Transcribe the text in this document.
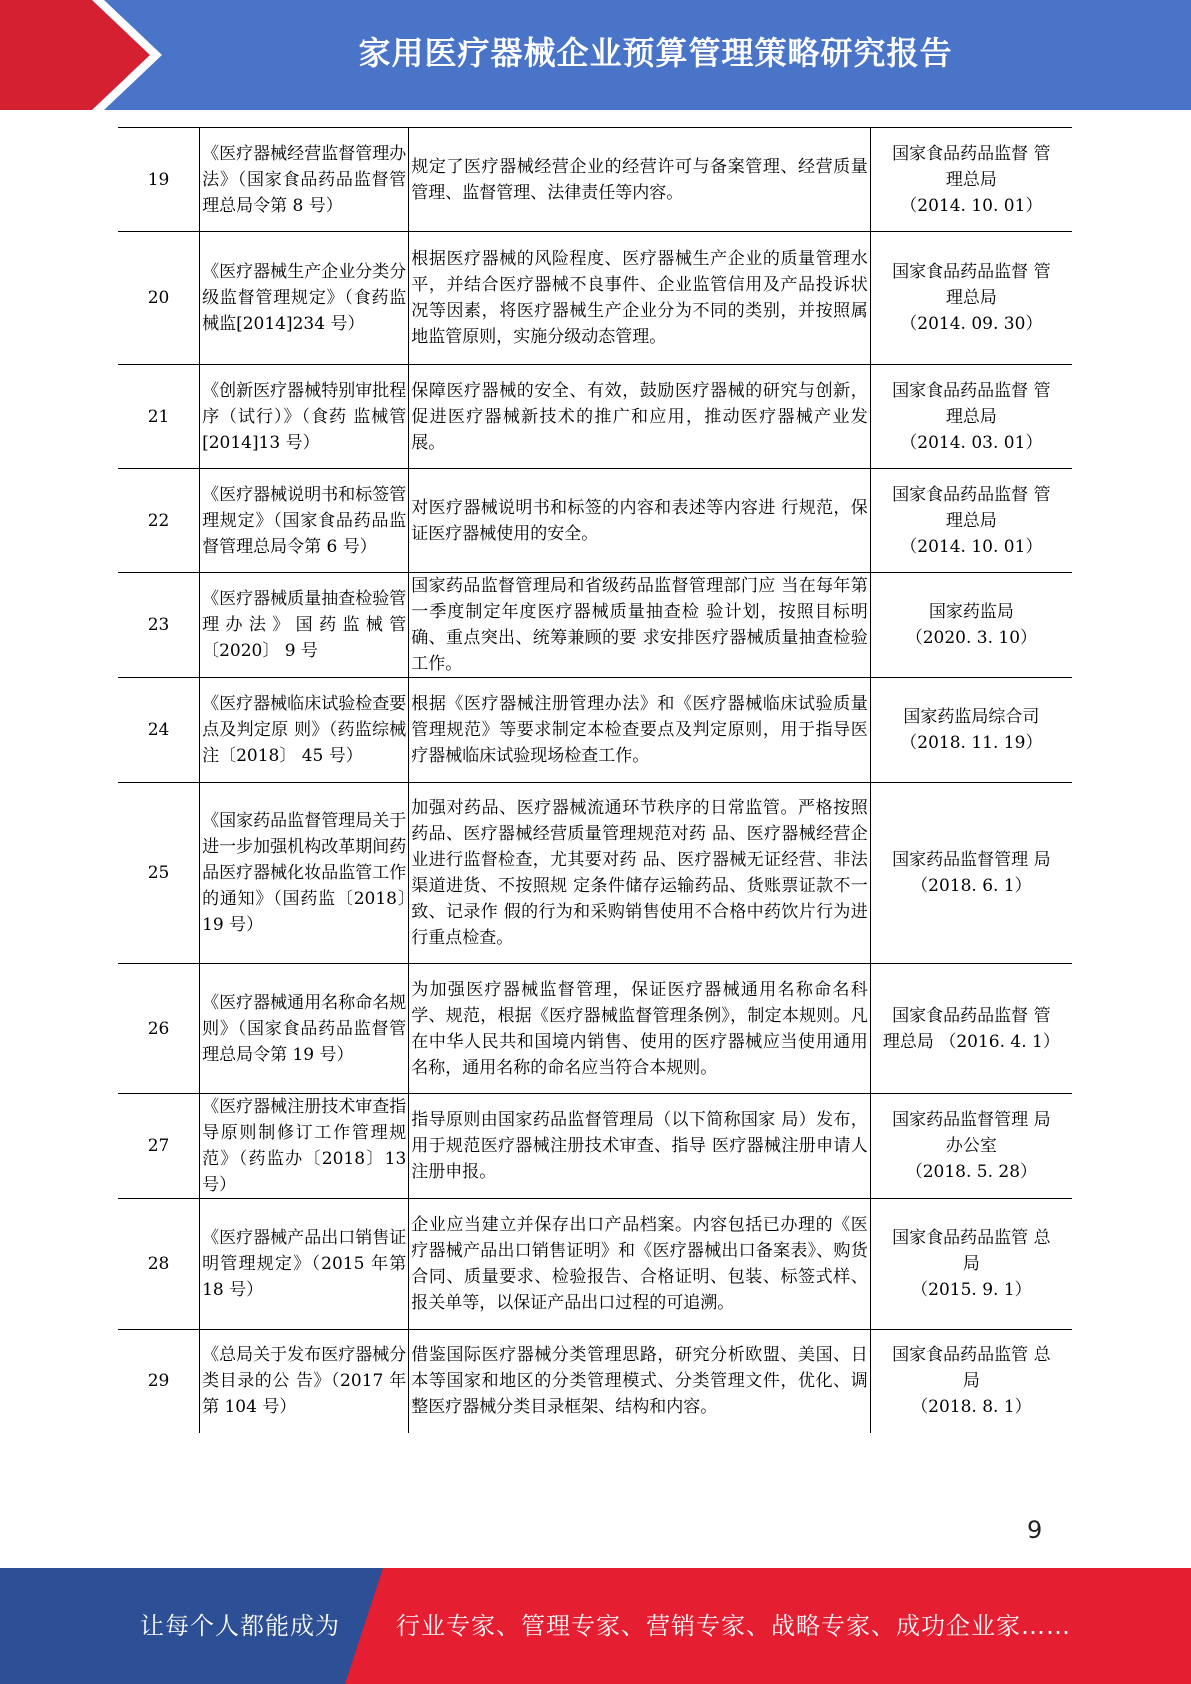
家用医疗器械企业预算管理策略研究报告
19	《医疗器械经营监督管理办法》（国家食品药品监督管理总局令第 8 号）	规定了医疗器械经营企业的经营许可与备案管理、经营质量管理、监督管理、法律责任等内容。	国家食品药品监督 管
理总局
（2014. 10. 01）

20	《医疗器械生产企业分类分级监督管理规定》（食药监械监[2014]234 号）	根据医疗器械的风险程度、医疗器械生产企业的质量管理水平，并结合医疗器械不良事件、企业监管信用及产品投诉状况等因素，将医疗器械生产企业分为不同的类别，并按照属地监管原则，实施分级动态管理。	国家食品药品监督 管
理总局
（2014. 09. 30）

21	《创新医疗器械特别审批程序（试行）》（食药 监械管[2014]13 号）	保障医疗器械的安全、有效，鼓励医疗器械的研究与创新，促进医疗器械新技术的推广和应用，推动医疗器械产业发展。	国家食品药品监督 管
理总局
（2014. 03. 01）

22	《医疗器械说明书和标签管理规定》（国家食品药品监督管理总局令第 6 号）	对医疗器械说明书和标签的内容和表述等内容进 行规范，保证医疗器械使用的安全。	国家食品药品监督 管
理总局
（2014. 10. 01）

23	《医疗器械质量抽查检验管理办法》国药监械管〔2020〕 9 号	国家药品监督管理局和省级药品监督管理部门应 当在每年第一季度制定年度医疗器械质量抽查检 验计划，按照目标明确、重点突出、统筹兼顾的要 求安排医疗器械质量抽查检验工作。	国家药监局
（2020. 3. 10）

24	《医疗器械临床试验检查要点及判定原 则》（药监综械注〔2018〕 45 号）	根据《医疗器械注册管理办法》和《医疗器械临床试验质量管理规范》等要求制定本检查要点及判定原则，用于指导医疗器械临床试验现场检查工作。	国家药监局综合司
（2018. 11. 19）

25	《国家药品监督管理局关于进一步加强机构改革期间药品医疗器械化妆品监管工作的通知》（国药监〔2018〕19 号）	加强对药品、医疗器械流通环节秩序的日常监管。严格按照药品、医疗器械经营质量管理规范对药 品、医疗器械经营企业进行监督检查，尤其要对药 品、医疗器械无证经营、非法渠道进货、不按照规 定条件储存运输药品、货账票证款不一致、记录作 假的行为和采购销售使用不合格中药饮片行为进 行重点检查。	国家药品监督管理 局
（2018. 6. 1）

26	《医疗器械通用名称命名规则》（国家食品药品监督管理总局令第 19 号）	为加强医疗器械监督管理，保证医疗器械通用名称命名科学、规范，根据《医疗器械监督管理条例》，制定本规则。凡在中华人民共和国境内销售、使用的医疗器械应当使用通用名称，通用名称的命名应当符合本规则。	国家食品药品监督 管
理总局 （2016. 4. 1）

27	《医疗器械注册技术审查指导原则制修订工作管理规范》（药监办〔2018〕13 号）	指导原则由国家药品监督管理局（以下简称国家 局）发布，用于规范医疗器械注册技术审查、指导 医疗器械注册申请人注册申报。	国家药品监督管理 局
办公室
（2018. 5. 28）

28	《医疗器械产品出口销售证明管理规定》（2015 年第 18 号）	企业应当建立并保存出口产品档案。内容包括已办理的《医疗器械产品出口销售证明》和《医疗器械出口备案表》、购货合同、质量要求、检验报告、合格证明、包装、标签式样、报关单等，以保证产品出口过程的可追溯。	国家食品药品监管 总
局
（2015. 9. 1）

29	《总局关于发布医疗器械分类目录的公 告》（2017 年第 104 号）	借鉴国际医疗器械分类管理思路，研究分析欧盟、美国、日本等国家和地区的分类管理模式、分类管理文件，优化、调整医疗器械分类目录框架、结构和内容。	国家食品药品监管 总
局
（2018. 8. 1）
9
让每个人都能成为 行业专家、管理专家、营销专家、战略专家、成功企业家……
